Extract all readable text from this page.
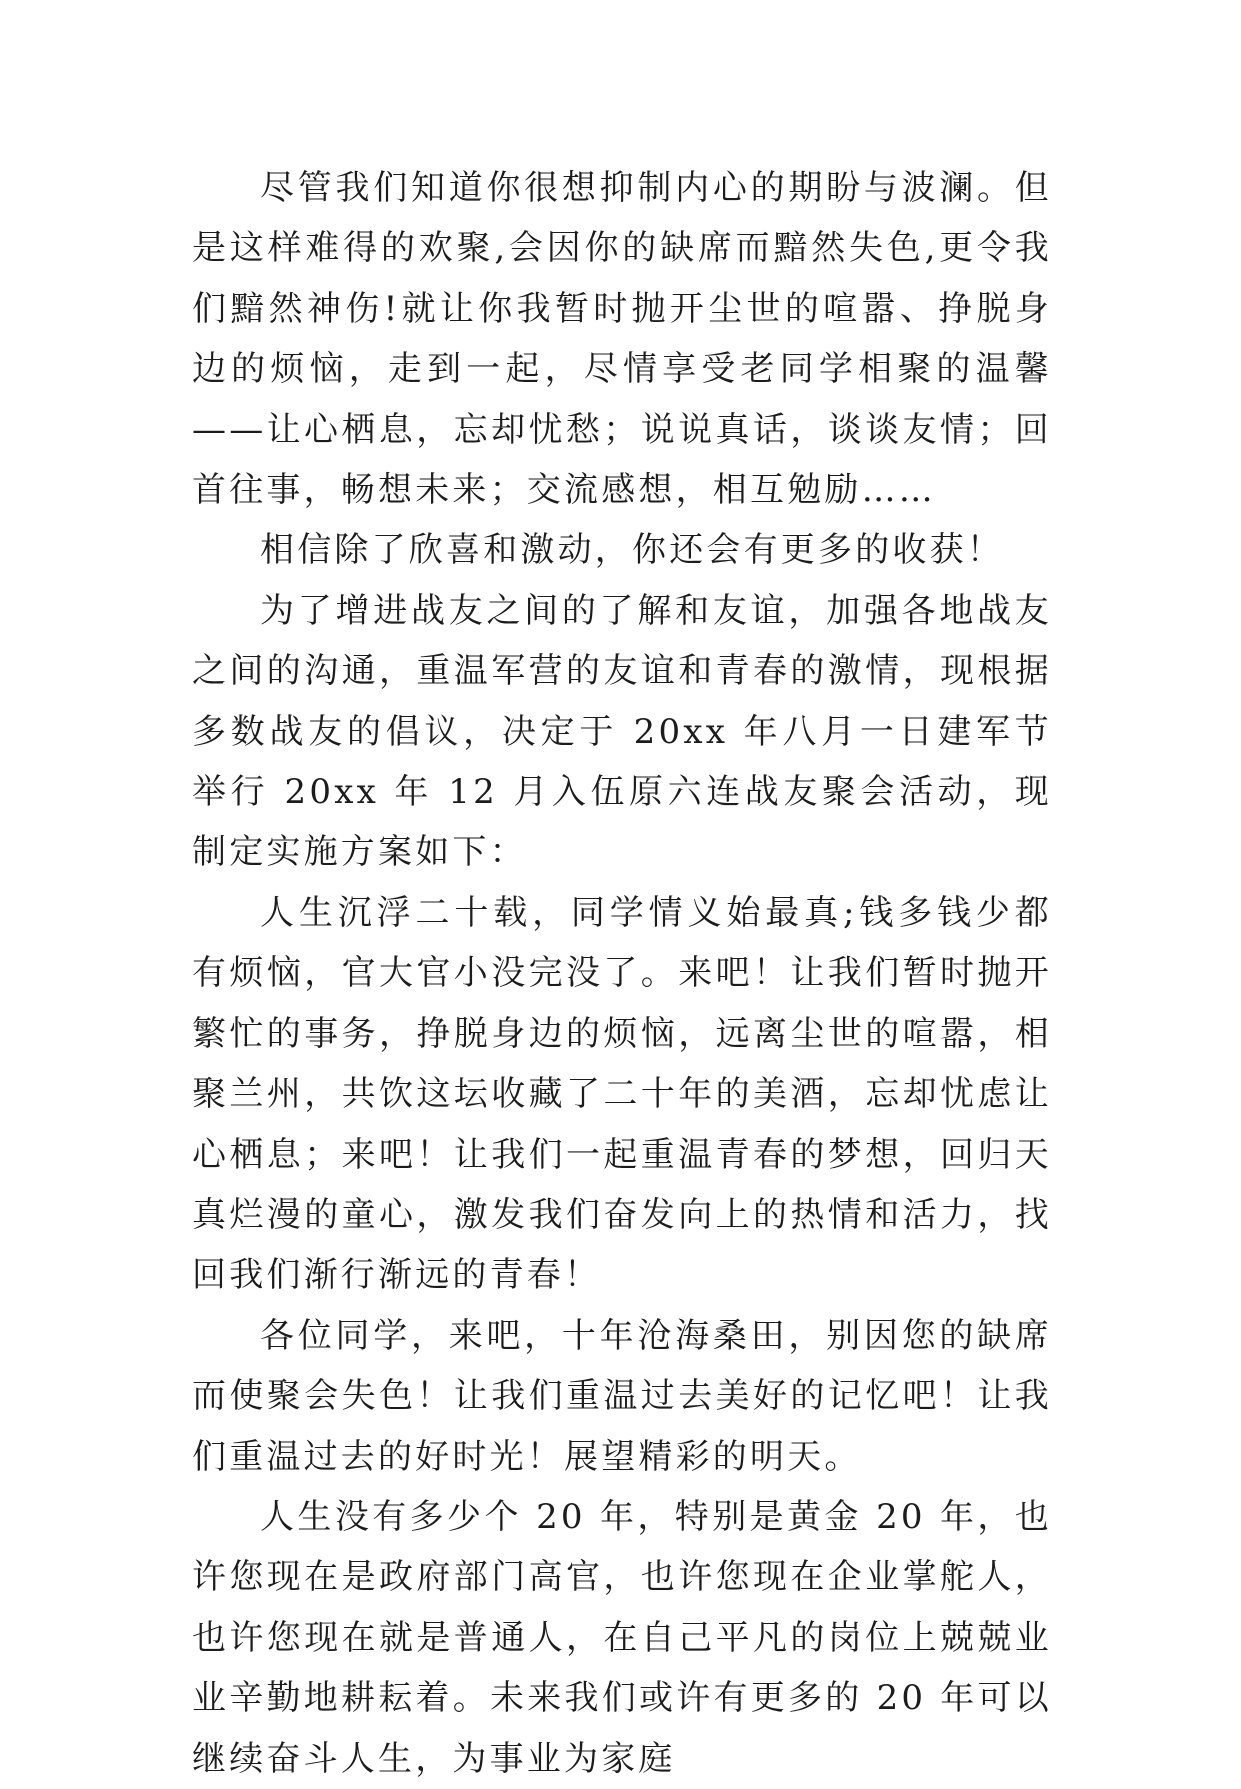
尽管我们知道你很想抑制内心的期盼与波澜。但是这样难得的欢聚,会因你的缺席而黯然失色,更令我们黯然神伤!就让你我暂时抛开尘世的喧嚣、挣脱身边的烦恼，走到一起，尽情享受老同学相聚的温馨——让心栖息，忘却忧愁；说说真话，谈谈友情；回首往事，畅想未来；交流感想，相互勉励……

相信除了欣喜和激动，你还会有更多的收获！

为了增进战友之间的了解和友谊，加强各地战友之间的沟通，重温军营的友谊和青春的激情，现根据多数战友的倡议，决定于 20xx 年八月一日建军节举行 20xx 年 12 月入伍原六连战友聚会活动，现制定实施方案如下：

人生沉浮二十载，同学情义始最真;钱多钱少都有烦恼，官大官小没完没了。来吧！让我们暂时抛开繁忙的事务，挣脱身边的烦恼，远离尘世的喧嚣，相聚兰州，共饮这坛收藏了二十年的美酒，忘却忧虑让心栖息；来吧！让我们一起重温青春的梦想，回归天真烂漫的童心，激发我们奋发向上的热情和活力，找回我们渐行渐远的青春！

各位同学，来吧，十年沧海桑田，别因您的缺席而使聚会失色！让我们重温过去美好的记忆吧！让我们重温过去的好时光！展望精彩的明天。

人生没有多少个 20 年，特别是黄金 20 年，也许您现在是政府部门高官，也许您现在企业掌舵人，也许您现在就是普通人，在自己平凡的岗位上兢兢业业辛勤地耕耘着。未来我们或许有更多的 20 年可以继续奋斗人生，为事业为家庭
